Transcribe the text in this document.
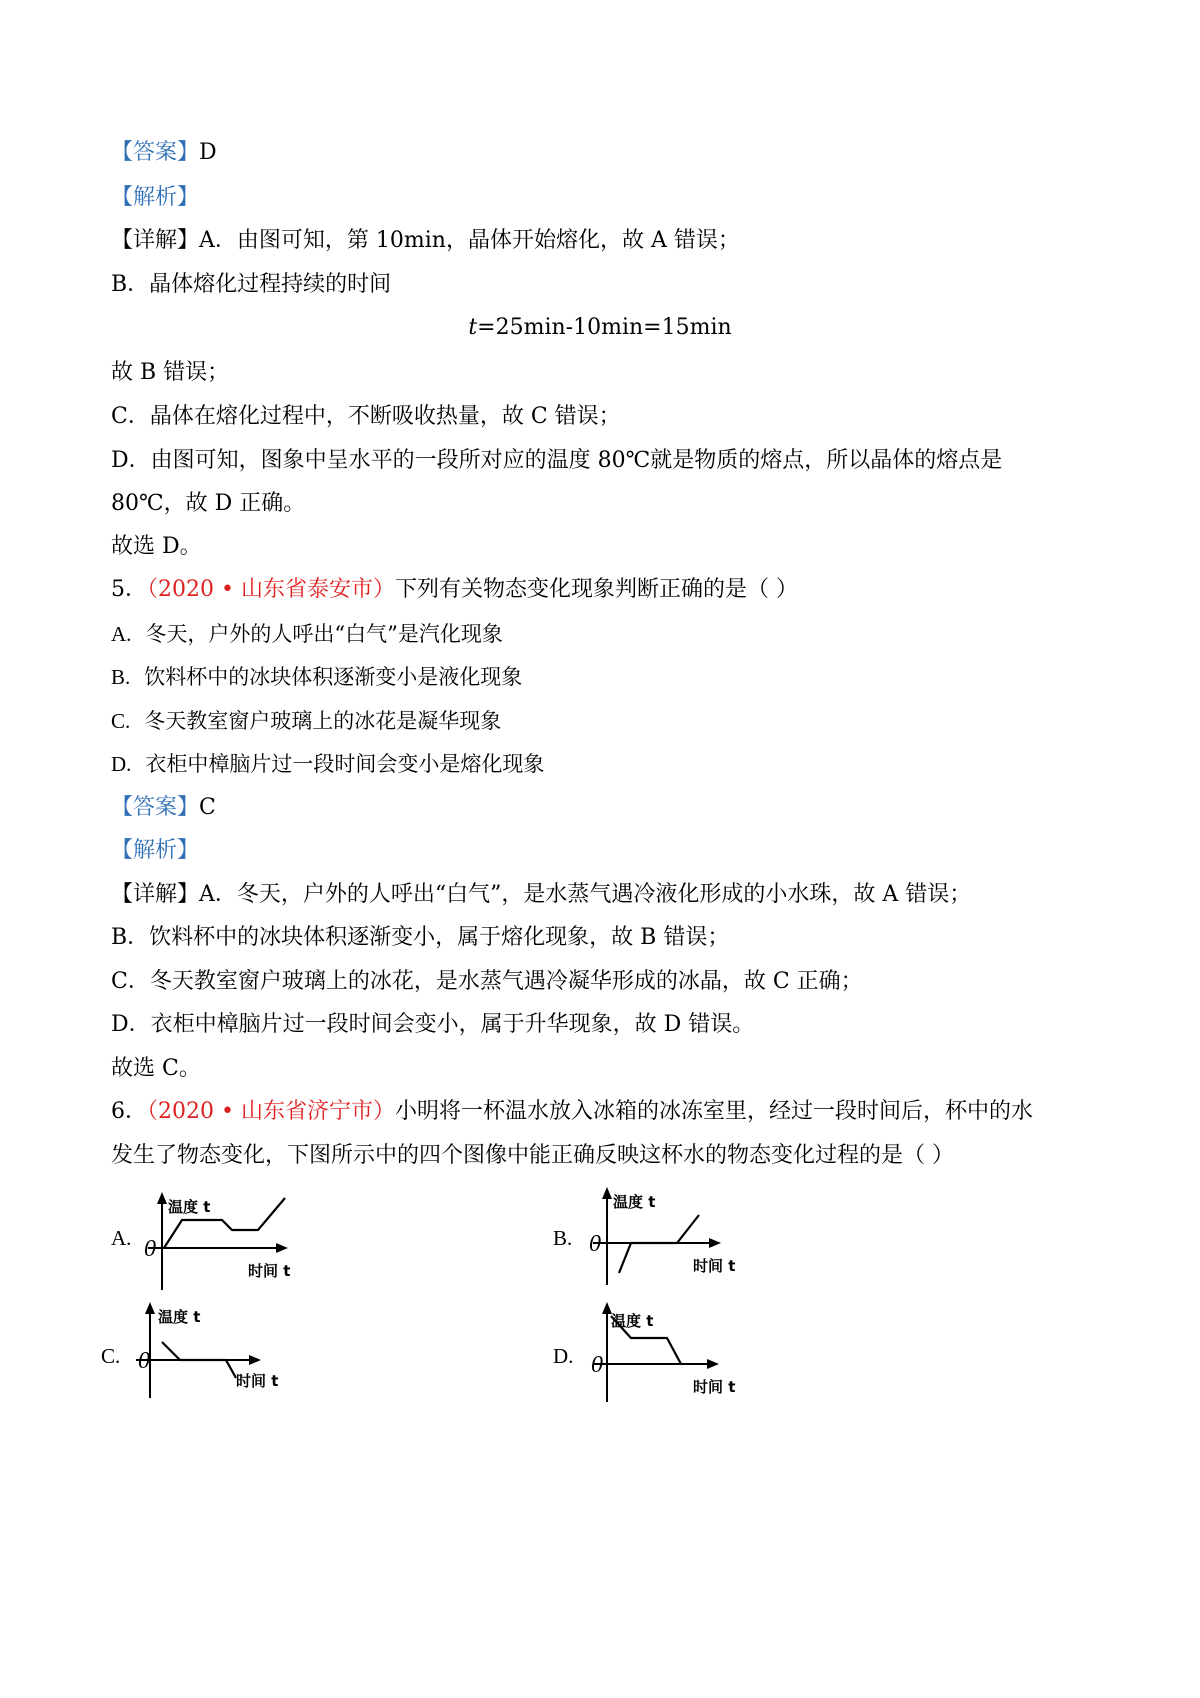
【答案】D
【解析】
【详解】A．由图可知，第 10min，晶体开始熔化，故 A 错误；
B．晶体熔化过程持续的时间
t=25min-10min=15min
故 B 错误；
C．晶体在熔化过程中，不断吸收热量，故 C 错误；
D．由图可知，图象中呈水平的一段所对应的温度 80℃就是物质的熔点，所以晶体的熔点是
80℃，故 D 正确。
故选 D。
5．（2020 • 山东省泰安市）下列有关物态变化现象判断正确的是（ ）
A. 冬天，户外的人呼出“白气”是汽化现象
B. 饮料杯中的冰块体积逐渐变小是液化现象
C. 冬天教室窗户玻璃上的冰花是凝华现象
D. 衣柜中樟脑片过一段时间会变小是熔化现象
【答案】C
【解析】
【详解】A．冬天，户外的人呼出“白气”，是水蒸气遇冷液化形成的小水珠，故 A 错误；
B．饮料杯中的冰块体积逐渐变小，属于熔化现象，故 B 错误；
C．冬天教室窗户玻璃上的冰花，是水蒸气遇冷凝华形成的冰晶，故 C 正确；
D．衣柜中樟脑片过一段时间会变小，属于升华现象，故 D 错误。
故选 C。
6．（2020 • 山东省济宁市）小明将一杯温水放入冰箱的冰冻室里，经过一段时间后，杯中的水
发生了物态变化，下图所示中的四个图像中能正确反映这杯水的物态变化过程的是（ ）
A.
温度 t
时间 t
0	B.
温度 t
时间 t
0
C.
温度 t
时间 t
0	D.
温度 t
时间 t
0
